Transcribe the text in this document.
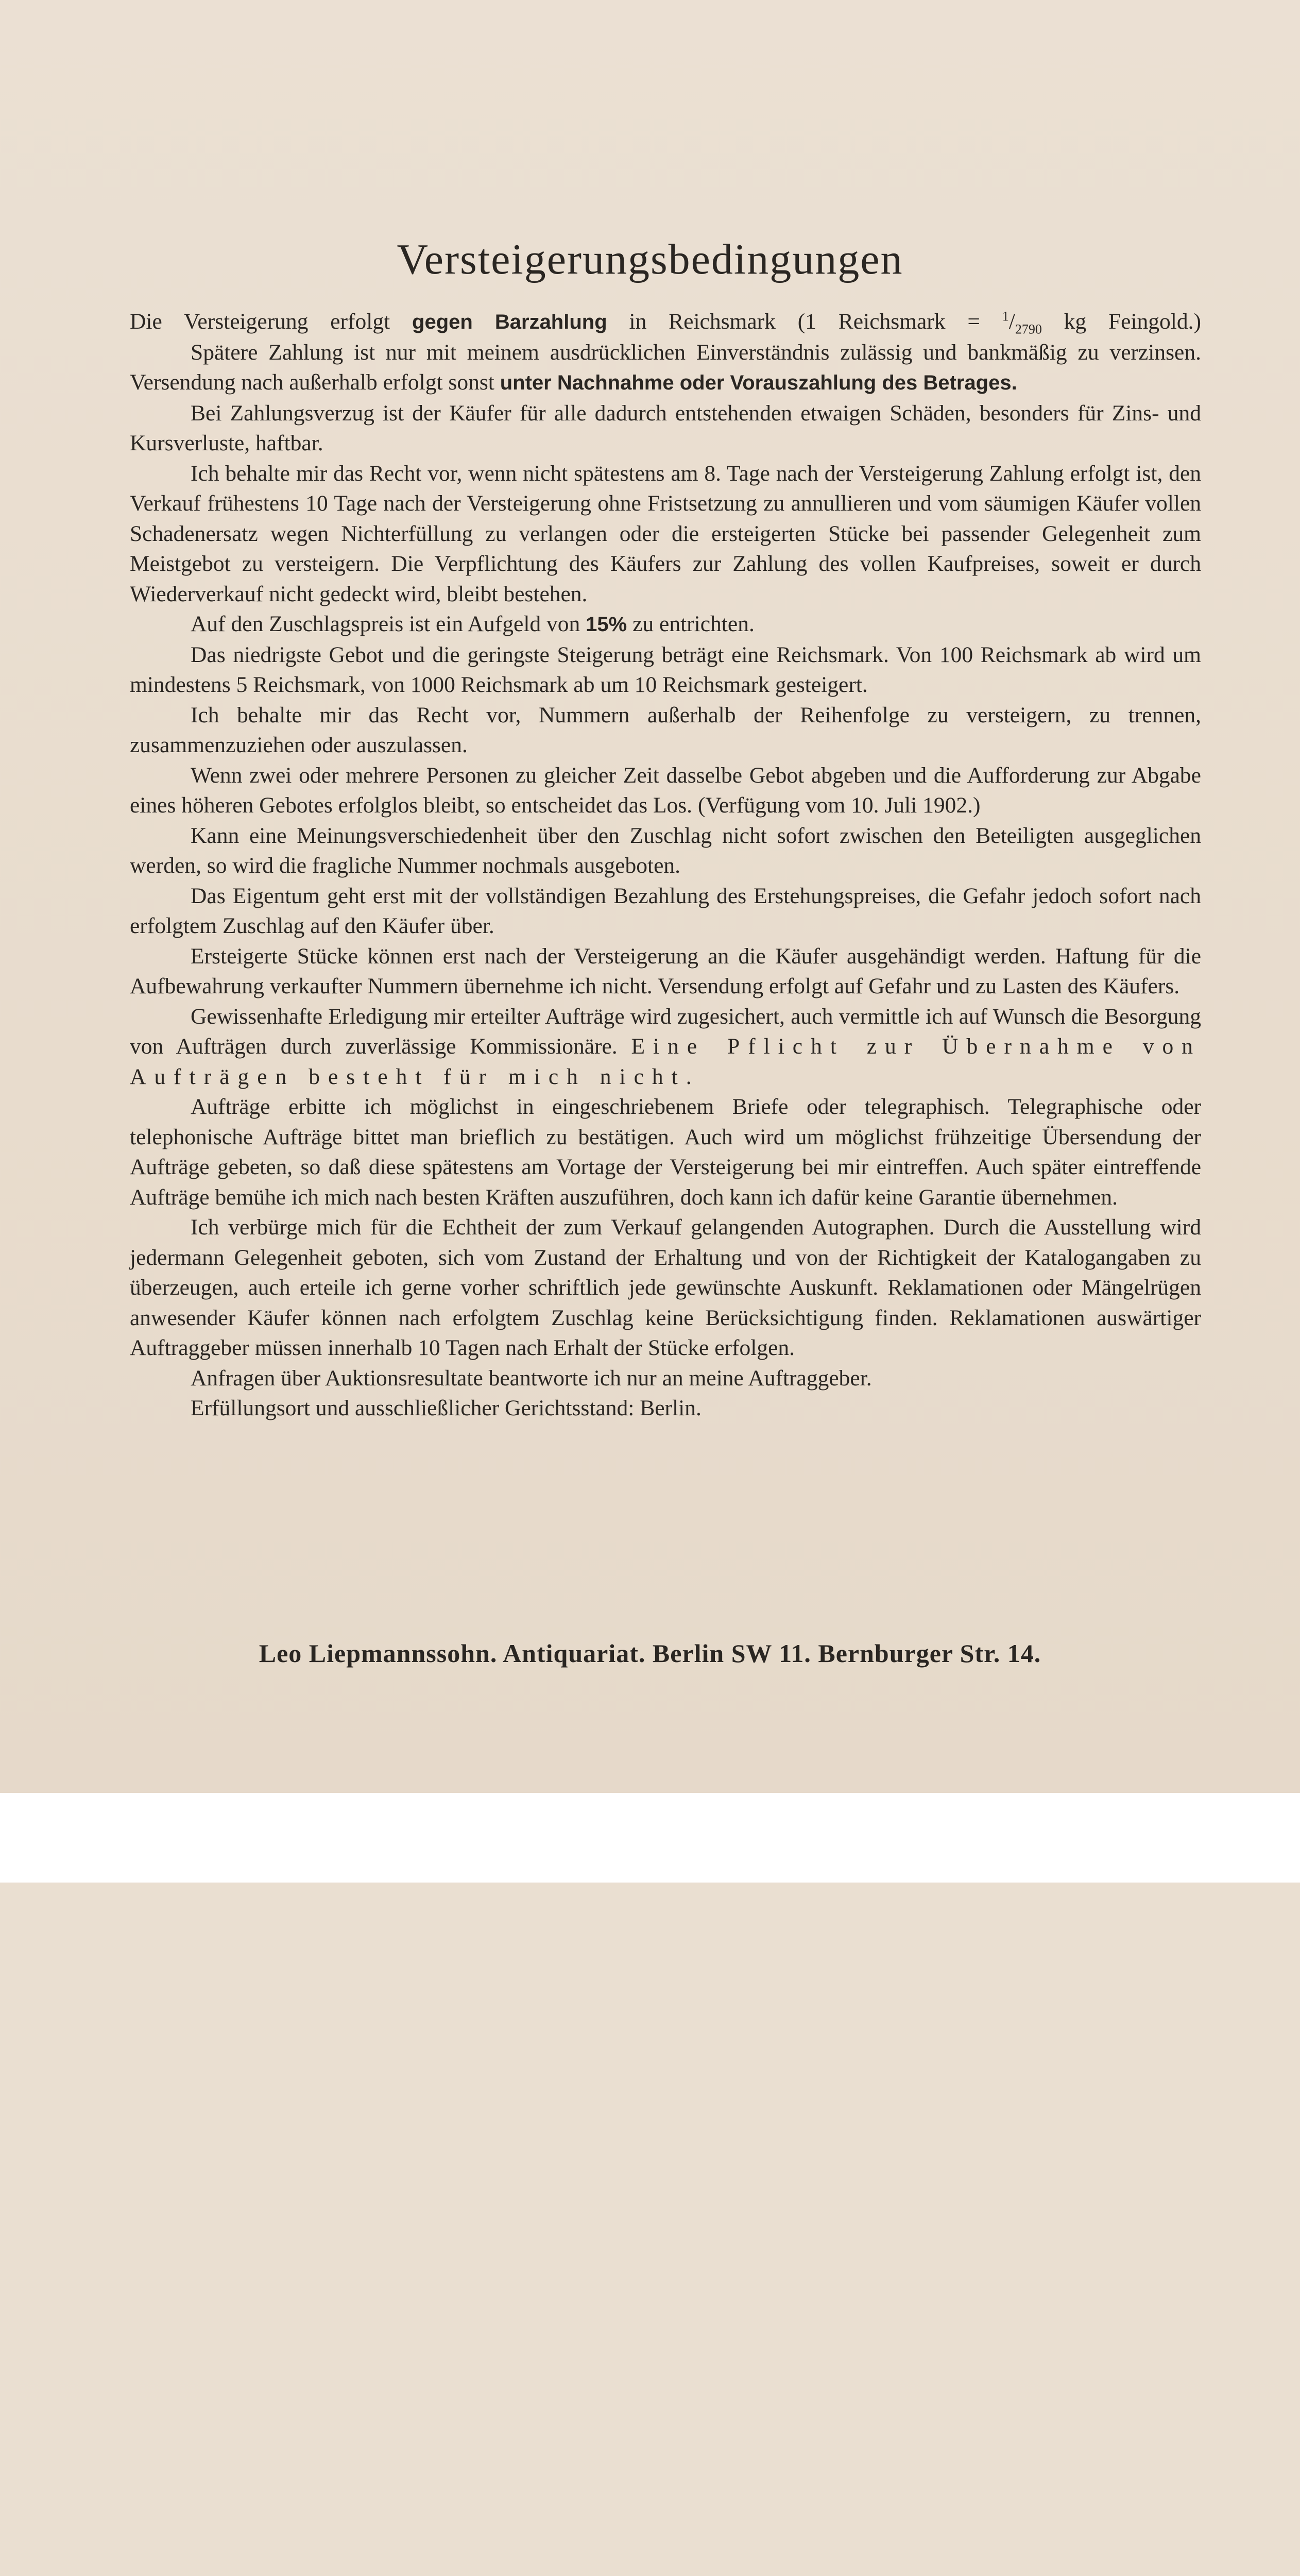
Versteigerungsbedingungen

Die Versteigerung erfolgt gegen Barzahlung in Reichsmark (1 Reichsmark = $^1/_{2790}$ kg Feingold.)

Spätere Zahlung ist nur mit meinem ausdrücklichen Einverständnis zulässig und bankmäßig zu verzinsen. Versendung nach außerhalb erfolgt sonst unter Nachnahme oder Vorauszahlung des Betrages.

Bei Zahlungsverzug ist der Käufer für alle dadurch entstehenden etwaigen Schäden, besonders für Zins- und Kursverluste, haftbar.

Ich behalte mir das Recht vor, wenn nicht spätestens am 8. Tage nach der Versteigerung Zahlung erfolgt ist, den Verkauf frühestens 10 Tage nach der Versteigerung ohne Fristsetzung zu annullieren und vom säumigen Käufer vollen Schadenersatz wegen Nichterfüllung zu verlangen oder die ersteigerten Stücke bei passender Gelegenheit zum Meistgebot zu versteigern. Die Verpflichtung des Käufers zur Zahlung des vollen Kaufpreises, soweit er durch Wiederverkauf nicht gedeckt wird, bleibt bestehen.

Auf den Zuschlagspreis ist ein Aufgeld von 15% zu entrichten.

Das niedrigste Gebot und die geringste Steigerung beträgt eine Reichsmark. Von 100 Reichsmark ab wird um mindestens 5 Reichsmark, von 1000 Reichsmark ab um 10 Reichsmark gesteigert.

Ich behalte mir das Recht vor, Nummern außerhalb der Reihenfolge zu versteigern, zu trennen, zusammenzuziehen oder auszulassen.

Wenn zwei oder mehrere Personen zu gleicher Zeit dasselbe Gebot abgeben und die Aufforderung zur Abgabe eines höheren Gebotes erfolglos bleibt, so entscheidet das Los. (Verfügung vom 10. Juli 1902.)

Kann eine Meinungsverschiedenheit über den Zuschlag nicht sofort zwischen den Beteiligten ausgeglichen werden, so wird die fragliche Nummer nochmals ausgeboten.

Das Eigentum geht erst mit der vollständigen Bezahlung des Erstehungspreises, die Gefahr jedoch sofort nach erfolgtem Zuschlag auf den Käufer über.

Ersteigerte Stücke können erst nach der Versteigerung an die Käufer ausgehändigt werden. Haftung für die Aufbewahrung verkaufter Nummern übernehme ich nicht. Versendung erfolgt auf Gefahr und zu Lasten des Käufers.

Gewissenhafte Erledigung mir erteilter Aufträge wird zugesichert, auch vermittle ich auf Wunsch die Besorgung von Aufträgen durch zuverlässige Kommissionäre. Eine Pflicht zur Übernahme von Aufträgen besteht für mich nicht.

Aufträge erbitte ich möglichst in eingeschriebenem Briefe oder telegraphisch. Telegraphische oder telephonische Aufträge bittet man brieflich zu bestätigen. Auch wird um möglichst frühzeitige Übersendung der Aufträge gebeten, so daß diese spätestens am Vortage der Versteigerung bei mir eintreffen. Auch später eintreffende Aufträge bemühe ich mich nach besten Kräften auszuführen, doch kann ich dafür keine Garantie übernehmen.

Ich verbürge mich für die Echtheit der zum Verkauf gelangenden Autographen. Durch die Ausstellung wird jedermann Gelegenheit geboten, sich vom Zustand der Erhaltung und von der Richtigkeit der Katalogangaben zu überzeugen, auch erteile ich gerne vorher schriftlich jede gewünschte Auskunft. Reklamationen oder Mängelrügen anwesender Käufer können nach erfolgtem Zuschlag keine Berücksichtigung finden. Reklamationen auswärtiger Auftraggeber müssen innerhalb 10 Tagen nach Erhalt der Stücke erfolgen.

Anfragen über Auktionsresultate beantworte ich nur an meine Auftraggeber.

Erfüllungsort und ausschließlicher Gerichtsstand: Berlin.

Leo Liepmannssohn. Antiquariat. Berlin SW 11. Bernburger Str. 14.
